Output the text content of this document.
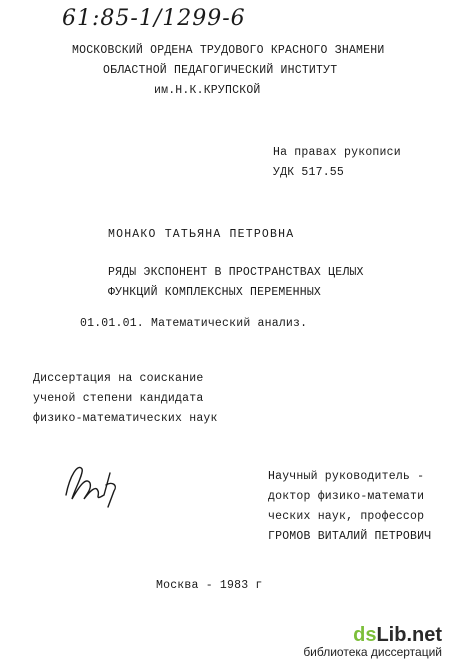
61:85-1/1299-6
МОСКОВСКИЙ ОРДЕНА ТРУДОВОГО КРАСНОГО ЗНАМЕНИ
ОБЛАСТНОЙ ПЕДАГОГИЧЕСКИЙ ИНСТИТУТ
им.Н.К.КРУПСКОЙ
На правах рукописи
УДК 517.55
МОНАКО ТАТЬЯНА ПЕТРОВНА
РЯДЫ ЭКСПОНЕНТ В ПРОСТРАНСТВАХ ЦЕЛЫХ
ФУНКЦИЙ КОМПЛЕКСНЫХ ПЕРЕМЕННЫХ
01.01.01. Математический анализ.
Диссертация на соискание
ученой степени кандидата
физико-математических наук
Научный руководитель -
доктор физико-математи
ческих наук, профессор
ГРОМОВ ВИТАЛИЙ ПЕТРОВИЧ
Москва - 1983 г
dsLib.net
библиотека диссертаций
